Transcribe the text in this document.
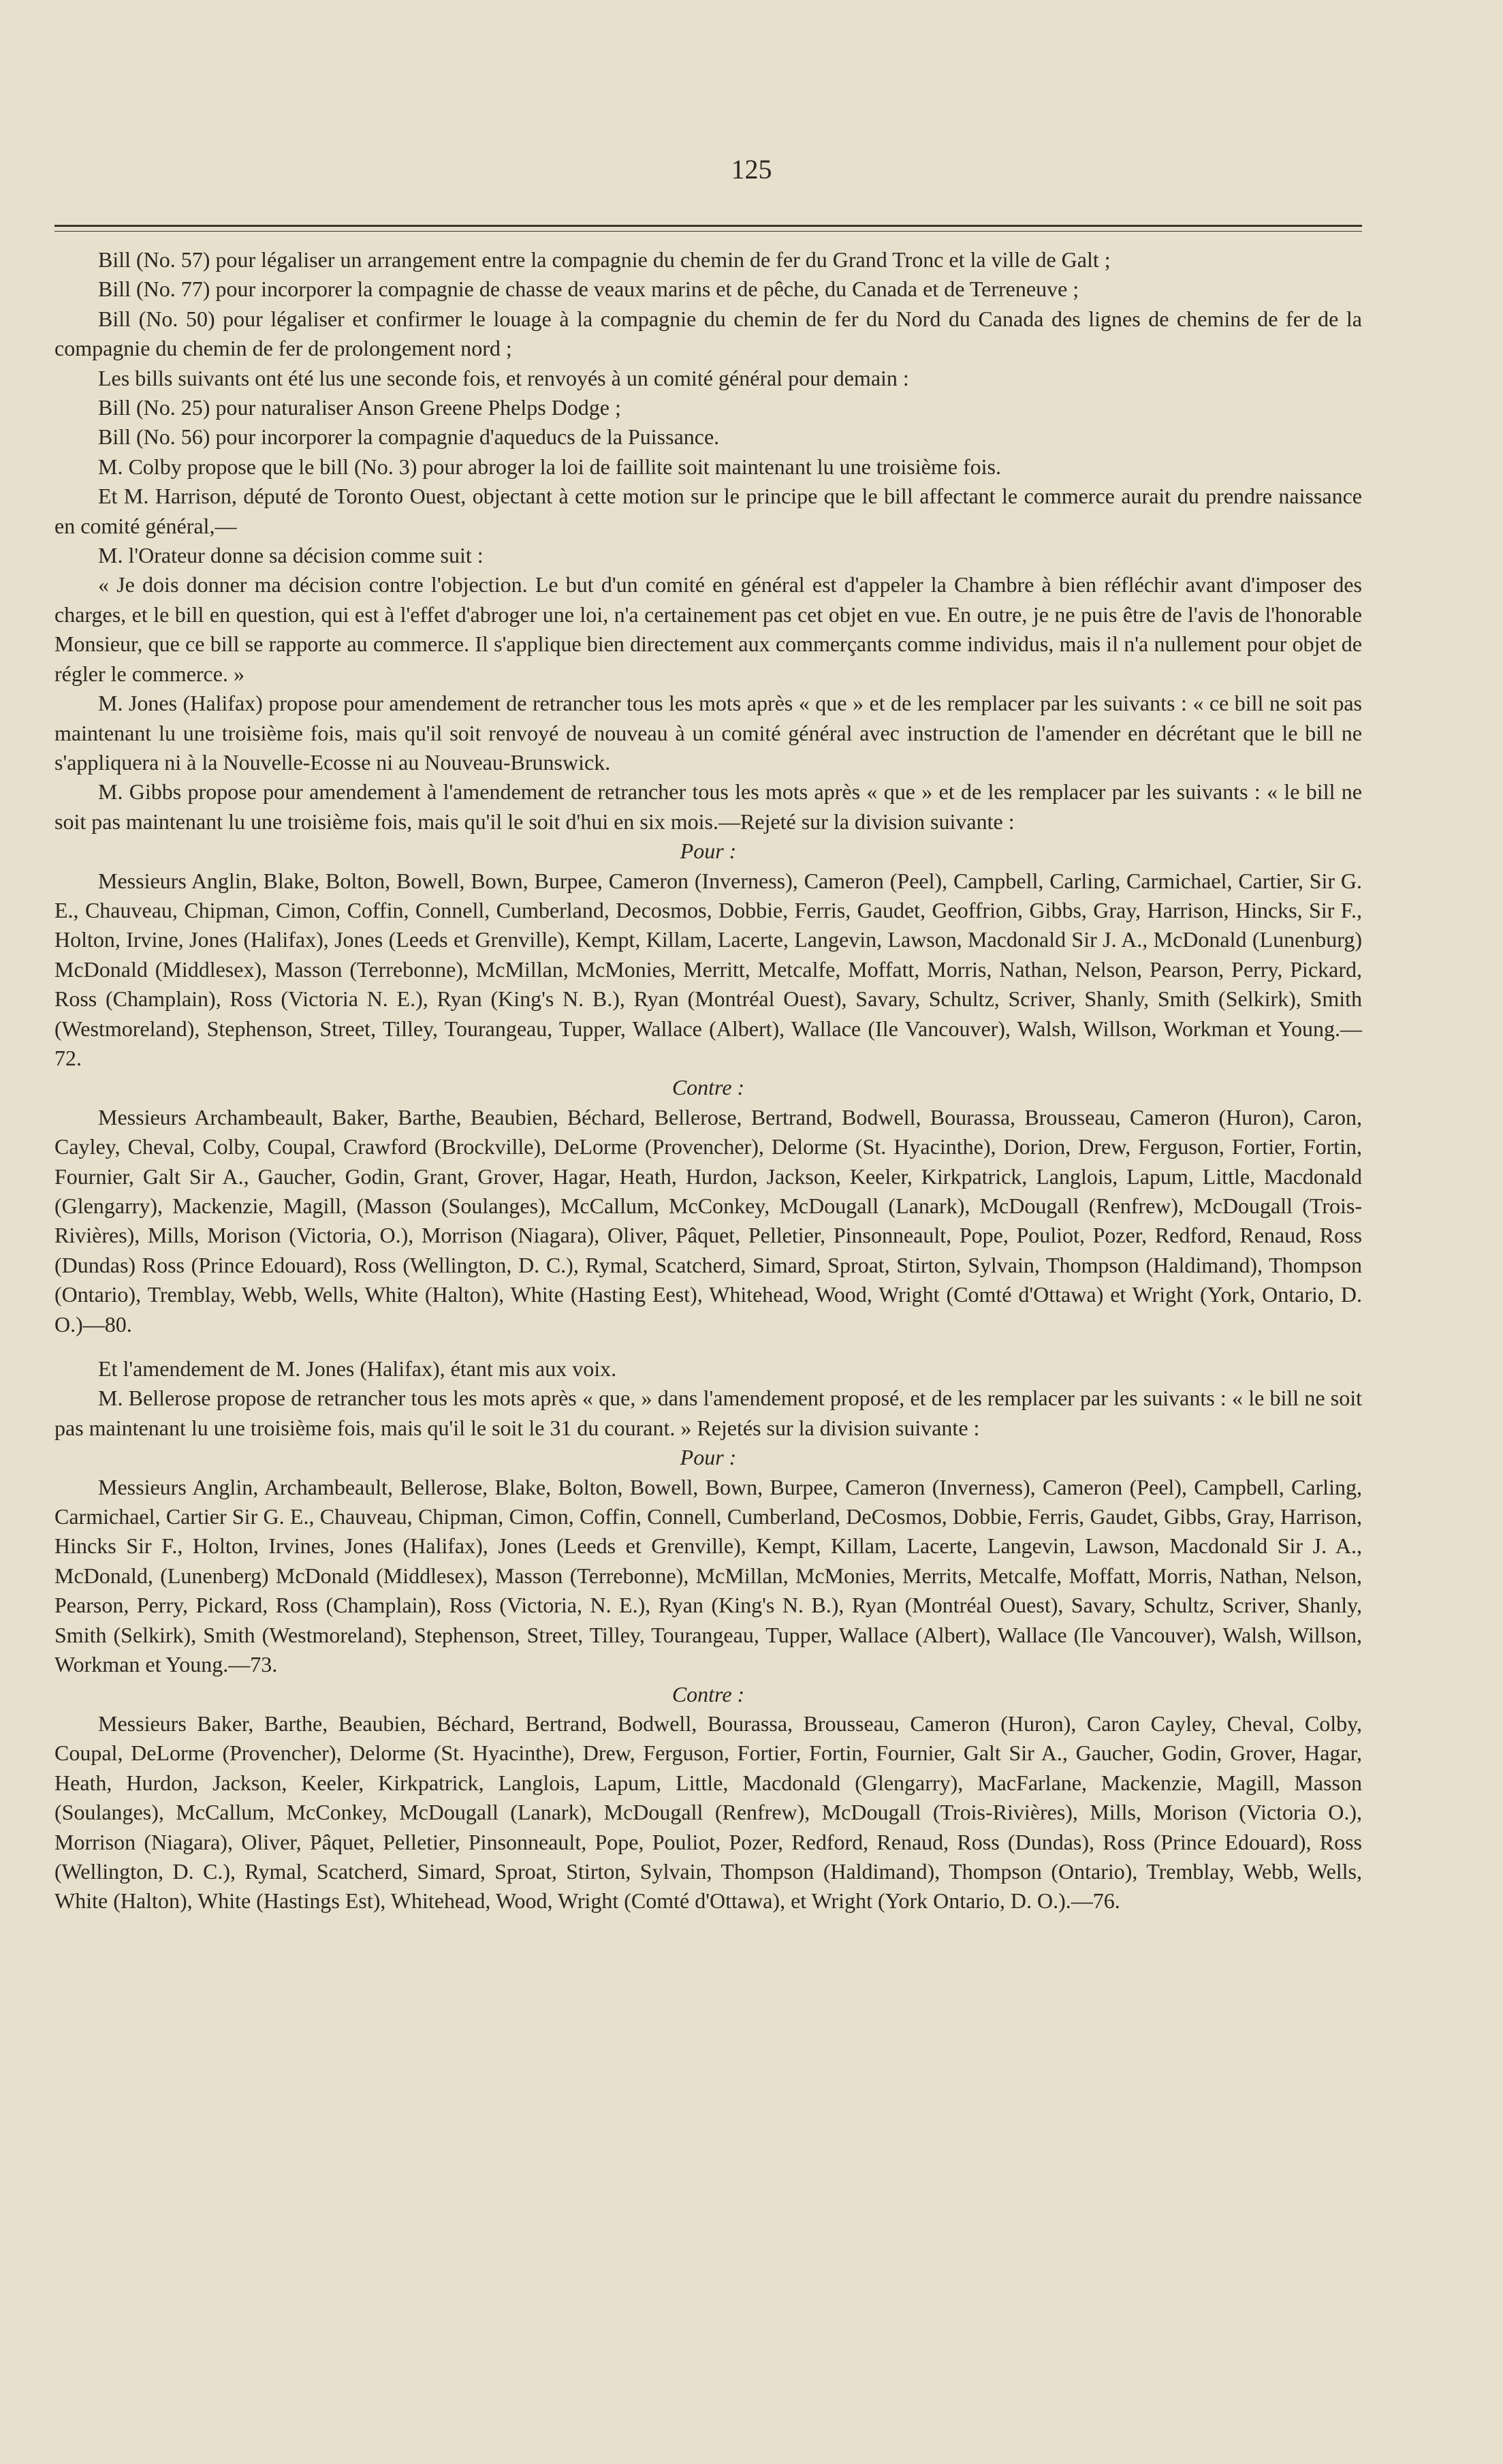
125

Bill (No. 57) pour légaliser un arrangement entre la compagnie du chemin de fer du Grand Tronc et la ville de Galt ;

Bill (No. 77) pour incorporer la compagnie de chasse de veaux marins et de pêche, du Canada et de Terreneuve ;

Bill (No. 50) pour légaliser et confirmer le louage à la compagnie du chemin de fer du Nord du Canada des lignes de chemins de fer de la compagnie du chemin de fer de prolongement nord ;

Les bills suivants ont été lus une seconde fois, et renvoyés à un comité général pour demain :

Bill (No. 25) pour naturaliser Anson Greene Phelps Dodge ;

Bill (No. 56) pour incorporer la compagnie d'aqueducs de la Puissance.

M. Colby propose que le bill (No. 3) pour abroger la loi de faillite soit maintenant lu une troisième fois.

Et M. Harrison, député de Toronto Ouest, objectant à cette motion sur le principe que le bill affectant le commerce aurait du prendre naissance en comité général,—

M. l'Orateur donne sa décision comme suit :

« Je dois donner ma décision contre l'objection. Le but d'un comité en général est d'appeler la Chambre à bien réfléchir avant d'imposer des charges, et le bill en question, qui est à l'effet d'abroger une loi, n'a certainement pas cet objet en vue. En outre, je ne puis être de l'avis de l'honorable Monsieur, que ce bill se rapporte au commerce. Il s'applique bien directement aux commerçants comme individus, mais il n'a nullement pour objet de régler le commerce. »

M. Jones (Halifax) propose pour amendement de retrancher tous les mots après « que » et de les remplacer par les suivants : « ce bill ne soit pas maintenant lu une troisième fois, mais qu'il soit renvoyé de nouveau à un comité général avec instruction de l'amender en décrétant que le bill ne s'appliquera ni à la Nouvelle-Ecosse ni au Nouveau-Brunswick.

M. Gibbs propose pour amendement à l'amendement de retrancher tous les mots après « que » et de les remplacer par les suivants : « le bill ne soit pas maintenant lu une troisième fois, mais qu'il le soit d'hui en six mois.—Rejeté sur la division suivante :

Pour :

Messieurs Anglin, Blake, Bolton, Bowell, Bown, Burpee, Cameron (Inverness), Cameron (Peel), Campbell, Carling, Carmichael, Cartier, Sir G. E., Chauveau, Chipman, Cimon, Coffin, Connell, Cumberland, Decosmos, Dobbie, Ferris, Gaudet, Geoffrion, Gibbs, Gray, Harrison, Hincks, Sir F., Holton, Irvine, Jones (Halifax), Jones (Leeds et Grenville), Kempt, Killam, Lacerte, Langevin, Lawson, Macdonald Sir J. A., McDonald (Lunenburg) McDonald (Middlesex), Masson (Terrebonne), McMillan, McMonies, Merritt, Metcalfe, Moffatt, Morris, Nathan, Nelson, Pearson, Perry, Pickard, Ross (Champlain), Ross (Victoria N. E.), Ryan (King's N. B.), Ryan (Montréal Ouest), Savary, Schultz, Scriver, Shanly, Smith (Selkirk), Smith (Westmoreland), Stephenson, Street, Tilley, Tourangeau, Tupper, Wallace (Albert), Wallace (Ile Vancouver), Walsh, Willson, Workman et Young.—72.

Contre :

Messieurs Archambeault, Baker, Barthe, Beaubien, Béchard, Bellerose, Bertrand, Bodwell, Bourassa, Brousseau, Cameron (Huron), Caron, Cayley, Cheval, Colby, Coupal, Crawford (Brockville), DeLorme (Provencher), Delorme (St. Hyacinthe), Dorion, Drew, Ferguson, Fortier, Fortin, Fournier, Galt Sir A., Gaucher, Godin, Grant, Grover, Hagar, Heath, Hurdon, Jackson, Keeler, Kirkpatrick, Langlois, Lapum, Little, Macdonald (Glengarry), Mackenzie, Magill, (Masson (Soulanges), McCallum, McConkey, McDougall (Lanark), McDougall (Renfrew), McDougall (Trois-Rivières), Mills, Morison (Victoria, O.), Morrison (Niagara), Oliver, Pâquet, Pelletier, Pinsonneault, Pope, Pouliot, Pozer, Redford, Renaud, Ross (Dundas) Ross (Prince Edouard), Ross (Wellington, D. C.), Rymal, Scatcherd, Simard, Sproat, Stirton, Sylvain, Thompson (Haldimand), Thompson (Ontario), Tremblay, Webb, Wells, White (Halton), White (Hasting Eest), Whitehead, Wood, Wright (Comté d'Ottawa) et Wright (York, Ontario, D. O.)—80.

Et l'amendement de M. Jones (Halifax), étant mis aux voix.

M. Bellerose propose de retrancher tous les mots après « que, » dans l'amendement proposé, et de les remplacer par les suivants : « le bill ne soit pas maintenant lu une troisième fois, mais qu'il le soit le 31 du courant. » Rejetés sur la division suivante :

Pour :

Messieurs Anglin, Archambeault, Bellerose, Blake, Bolton, Bowell, Bown, Burpee, Cameron (Inverness), Cameron (Peel), Campbell, Carling, Carmichael, Cartier Sir G. E., Chauveau, Chipman, Cimon, Coffin, Connell, Cumberland, DeCosmos, Dobbie, Ferris, Gaudet, Gibbs, Gray, Harrison, Hincks Sir F., Holton, Irvines, Jones (Halifax), Jones (Leeds et Grenville), Kempt, Killam, Lacerte, Langevin, Lawson, Macdonald Sir J. A., McDonald, (Lunenberg) McDonald (Middlesex), Masson (Terrebonne), McMillan, McMonies, Merrits, Metcalfe, Moffatt, Morris, Nathan, Nelson, Pearson, Perry, Pickard, Ross (Champlain), Ross (Victoria, N. E.), Ryan (King's N. B.), Ryan (Montréal Ouest), Savary, Schultz, Scriver, Shanly, Smith (Selkirk), Smith (Westmoreland), Stephenson, Street, Tilley, Tourangeau, Tupper, Wallace (Albert), Wallace (Ile Vancouver), Walsh, Willson, Workman et Young.—73.

Contre :

Messieurs Baker, Barthe, Beaubien, Béchard, Bertrand, Bodwell, Bourassa, Brousseau, Cameron (Huron), Caron Cayley, Cheval, Colby, Coupal, DeLorme (Provencher), Delorme (St. Hyacinthe), Drew, Ferguson, Fortier, Fortin, Fournier, Galt Sir A., Gaucher, Godin, Grover, Hagar, Heath, Hurdon, Jackson, Keeler, Kirkpatrick, Langlois, Lapum, Little, Macdonald (Glengarry), MacFarlane, Mackenzie, Magill, Masson (Soulanges), McCallum, McConkey, McDougall (Lanark), McDougall (Renfrew), McDougall (Trois-Rivières), Mills, Morison (Victoria O.), Morrison (Niagara), Oliver, Pâquet, Pelletier, Pinsonneault, Pope, Pouliot, Pozer, Redford, Renaud, Ross (Dundas), Ross (Prince Edouard), Ross (Wellington, D. C.), Rymal, Scatcherd, Simard, Sproat, Stirton, Sylvain, Thompson (Haldimand), Thompson (Ontario), Tremblay, Webb, Wells, White (Halton), White (Hastings Est), Whitehead, Wood, Wright (Comté d'Ottawa), et Wright (York Ontario, D. O.).—76.
